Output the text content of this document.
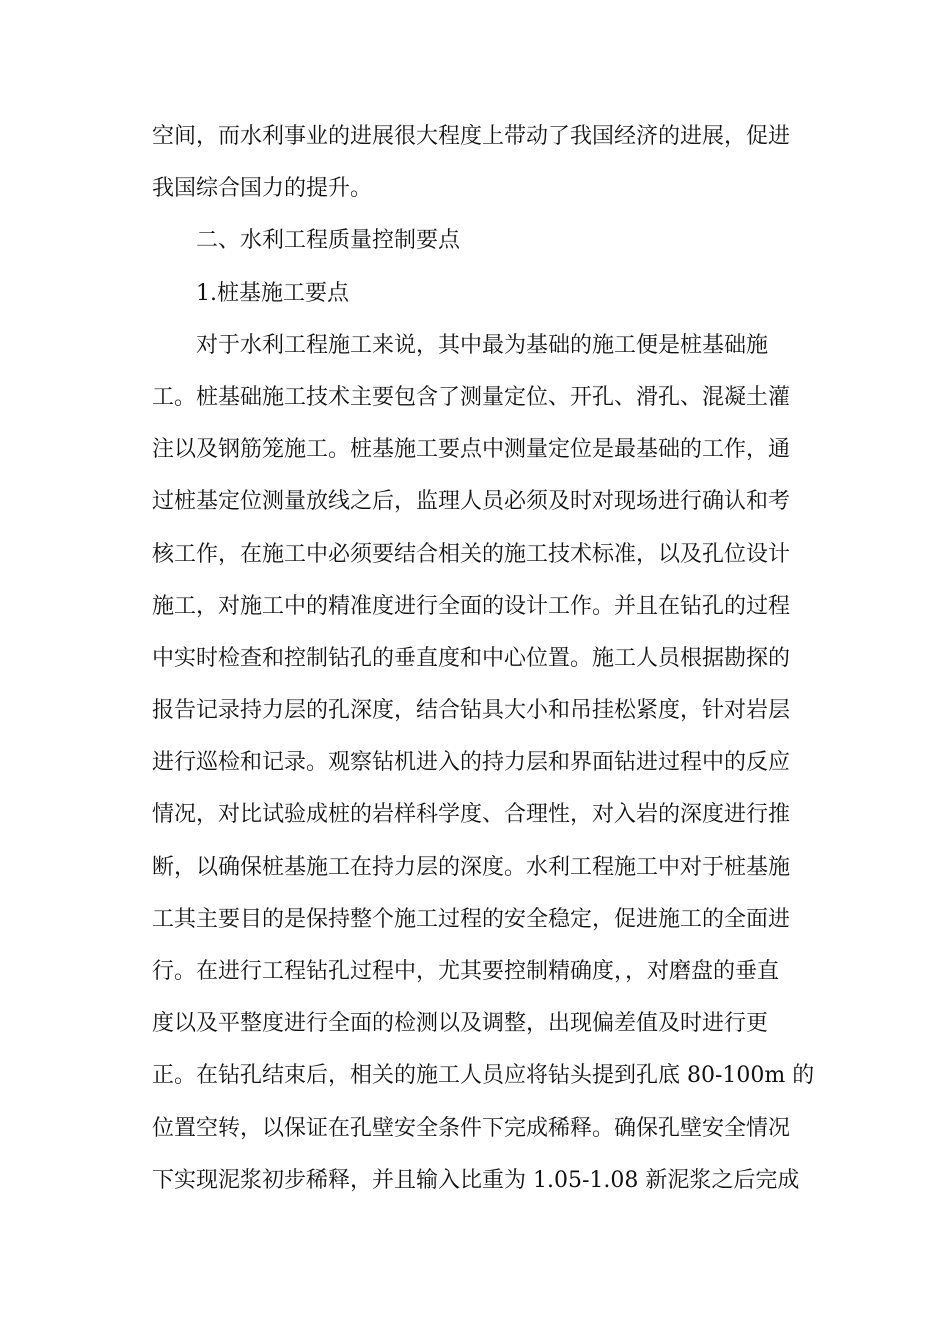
空间，而水利事业的进展很大程度上带动了我国经济的进展，促进
我国综合国力的提升。
二、水利工程质量控制要点
1.桩基施工要点
对于水利工程施工来说，其中最为基础的施工便是桩基础施
工。桩基础施工技术主要包含了测量定位、开孔、滑孔、混凝土灌
注以及钢筋笼施工。桩基施工要点中测量定位是最基础的工作，通
过桩基定位测量放线之后，监理人员必须及时对现场进行确认和考
核工作，在施工中必须要结合相关的施工技术标准，以及孔位设计
施工，对施工中的精准度进行全面的设计工作。并且在钻孔的过程
中实时检查和控制钻孔的垂直度和中心位置。施工人员根据勘探的
报告记录持力层的孔深度，结合钻具大小和吊挂松紧度，针对岩层
进行巡检和记录。观察钻机进入的持力层和界面钻进过程中的反应
情况，对比试验成桩的岩样科学度、合理性，对入岩的深度进行推
断，以确保桩基施工在持力层的深度。水利工程施工中对于桩基施
工其主要目的是保持整个施工过程的安全稳定，促进施工的全面进
行。在进行工程钻孔过程中，尤其要控制精确度，，对磨盘的垂直
度以及平整度进行全面的检测以及调整，出现偏差值及时进行更
正。在钻孔结束后，相关的施工人员应将钻头提到孔底 80-100m 的
位置空转，以保证在孔壁安全条件下完成稀释。确保孔壁安全情况
下实现泥浆初步稀释，并且输入比重为 1.05-1.08 新泥浆之后完成
